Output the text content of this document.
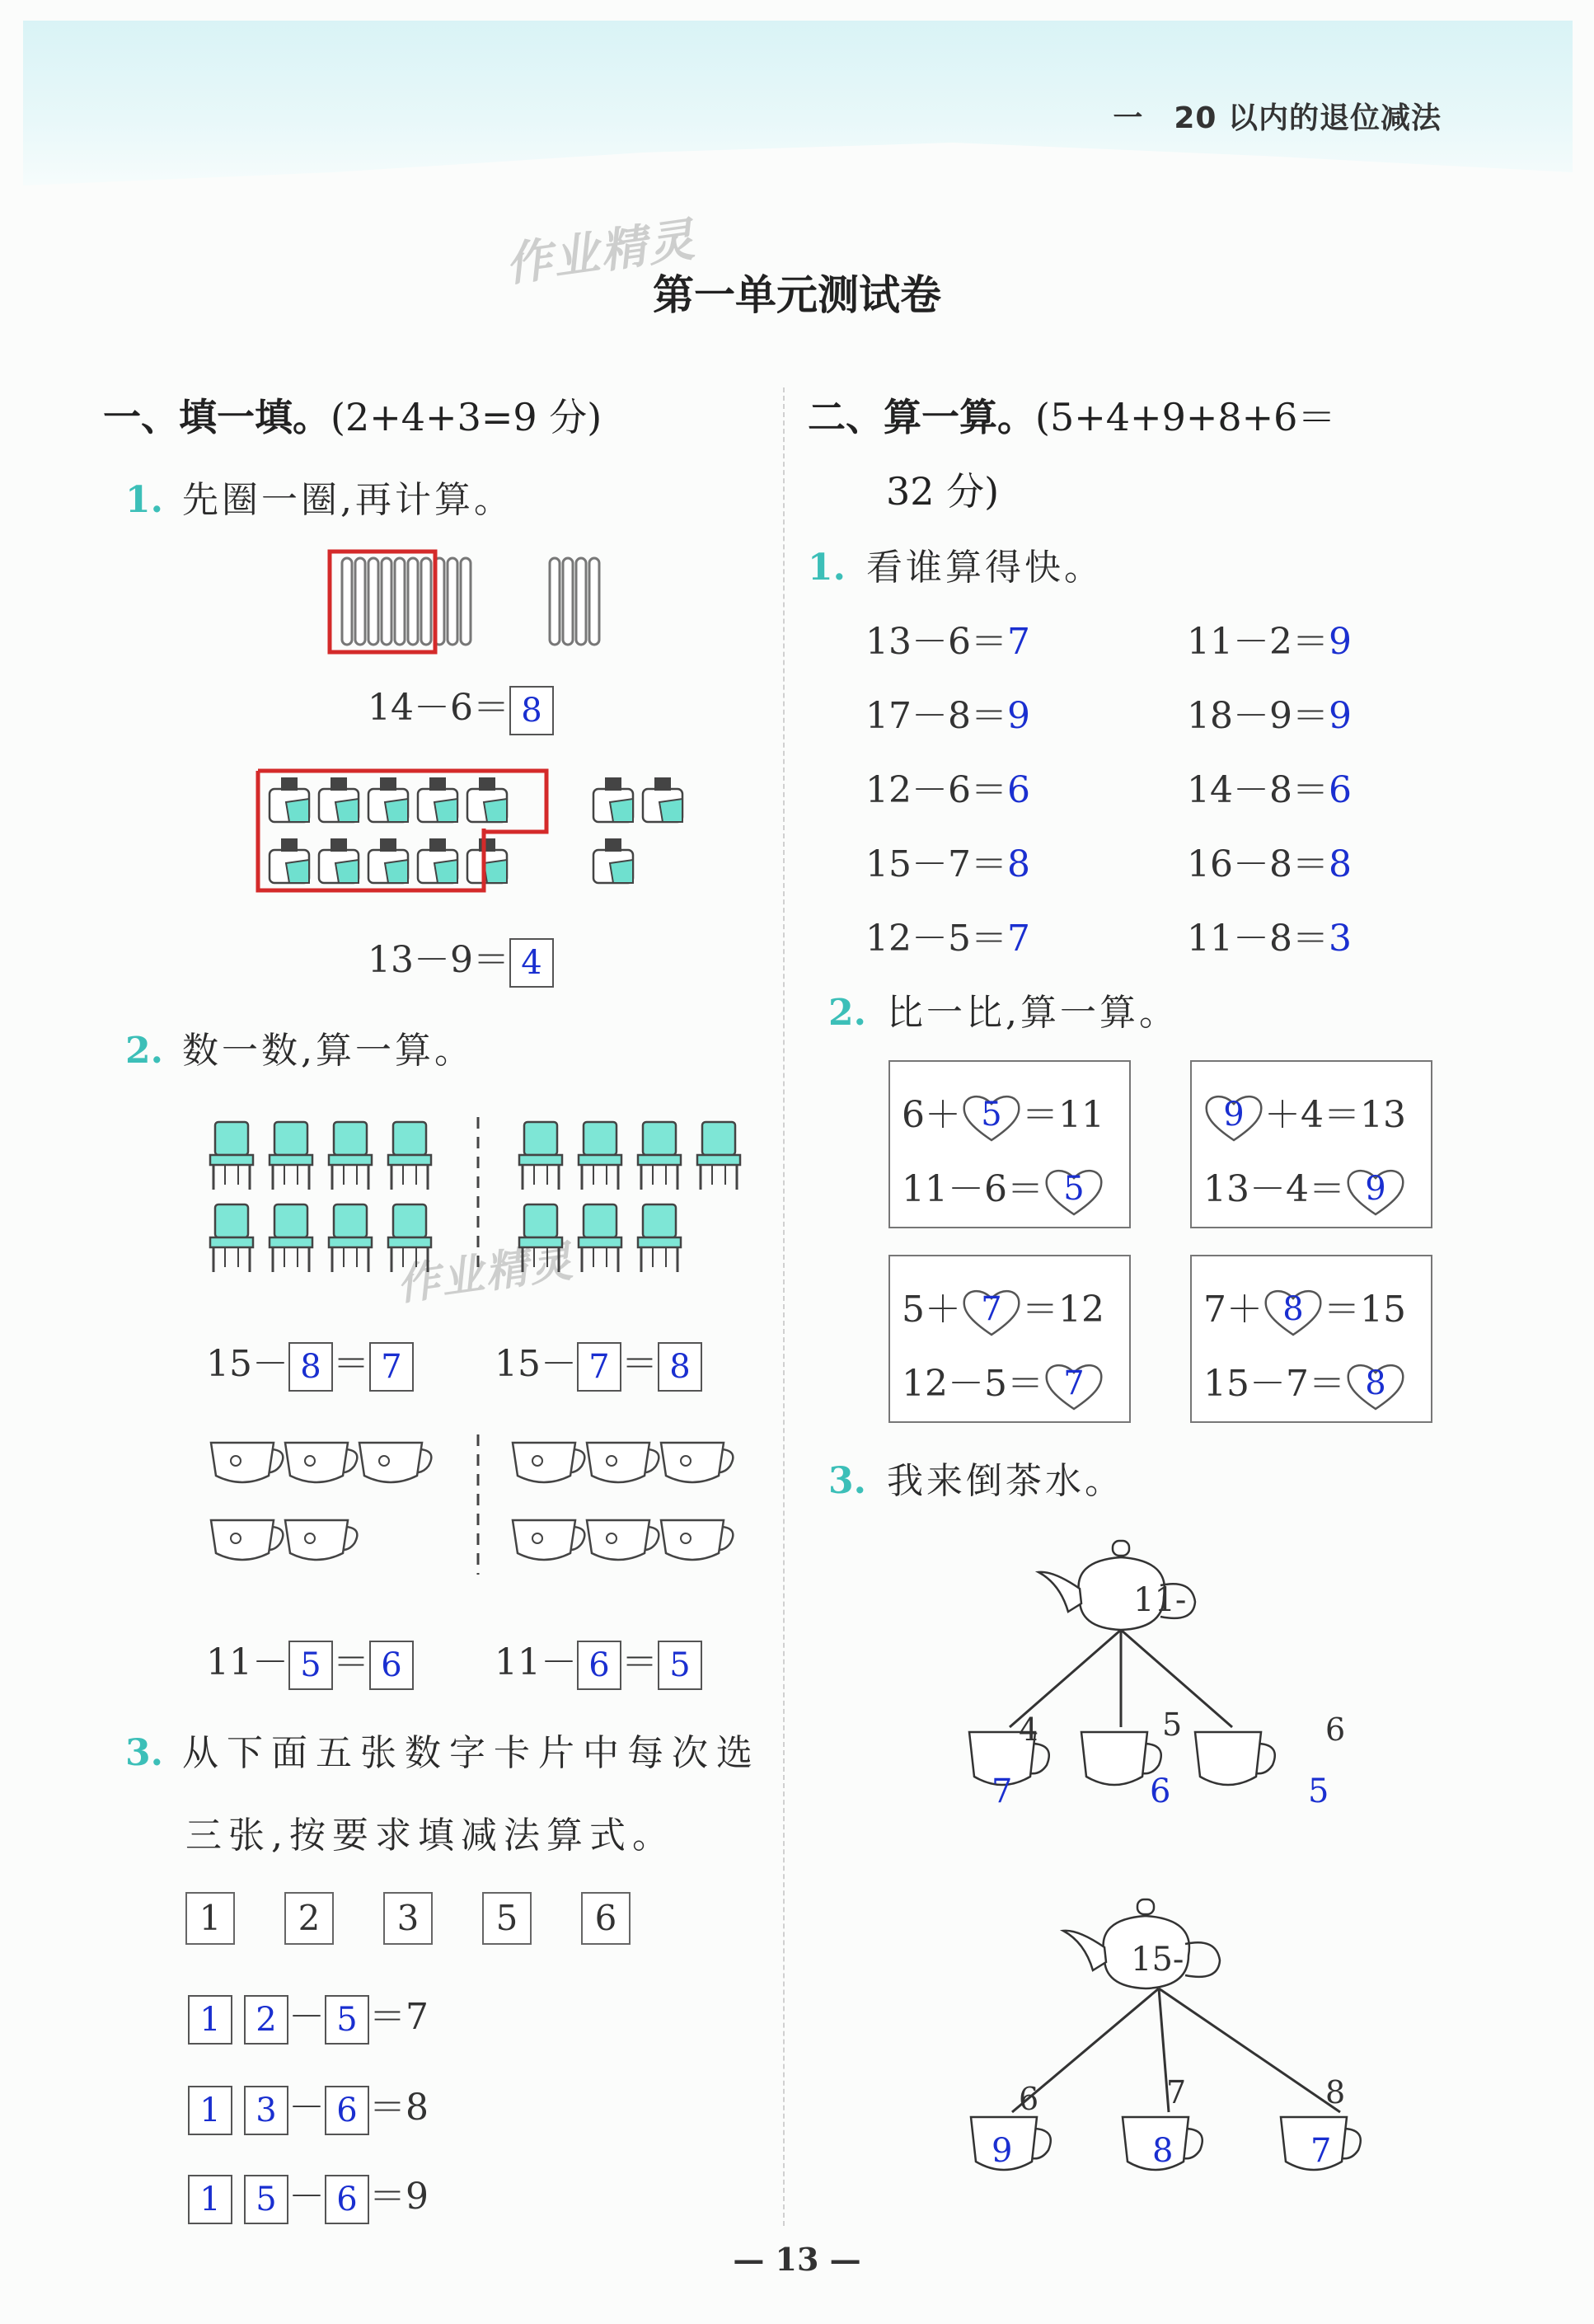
一　20 以内的退位减法
作业精灵
第一单元测试卷
作业精灵
一、填一填。(2+4+3=9 分)
1. 先圈一圈,再计算。
14－6＝ 8
13－9＝ 4
2. 数一数,算一算。
15－ 8 ＝ 7	15－ 7 ＝ 8
11－ 5 ＝ 6	11－ 6 ＝ 5
3. 从下面五张数字卡片中每次选
三张,按要求填减法算式。
1 2 3 5 6
1 2 － 5 ＝7
1 3 － 6 ＝8
1 5 － 6 ＝9
二、算一算。(5+4+9+8+6＝
32 分)
1. 看谁算得快。
13－6＝7	11－2＝9
17－8＝9	18－9＝9
12－6＝6	14－8＝6
15－7＝8	16－8＝8
12－5＝7	11－8＝3
2. 比一比,算一算。
6＋ 5 ＝11
11－6＝ 5
9 ＋4＝13
13－4＝ 9
5＋ 7 ＝12
12－5＝ 7
7＋ 8 ＝15
15－7＝ 8
3. 我来倒茶水。
11-
4	5	6
7	6	5
15-
6	7	8
9	8	7
— 13 —
